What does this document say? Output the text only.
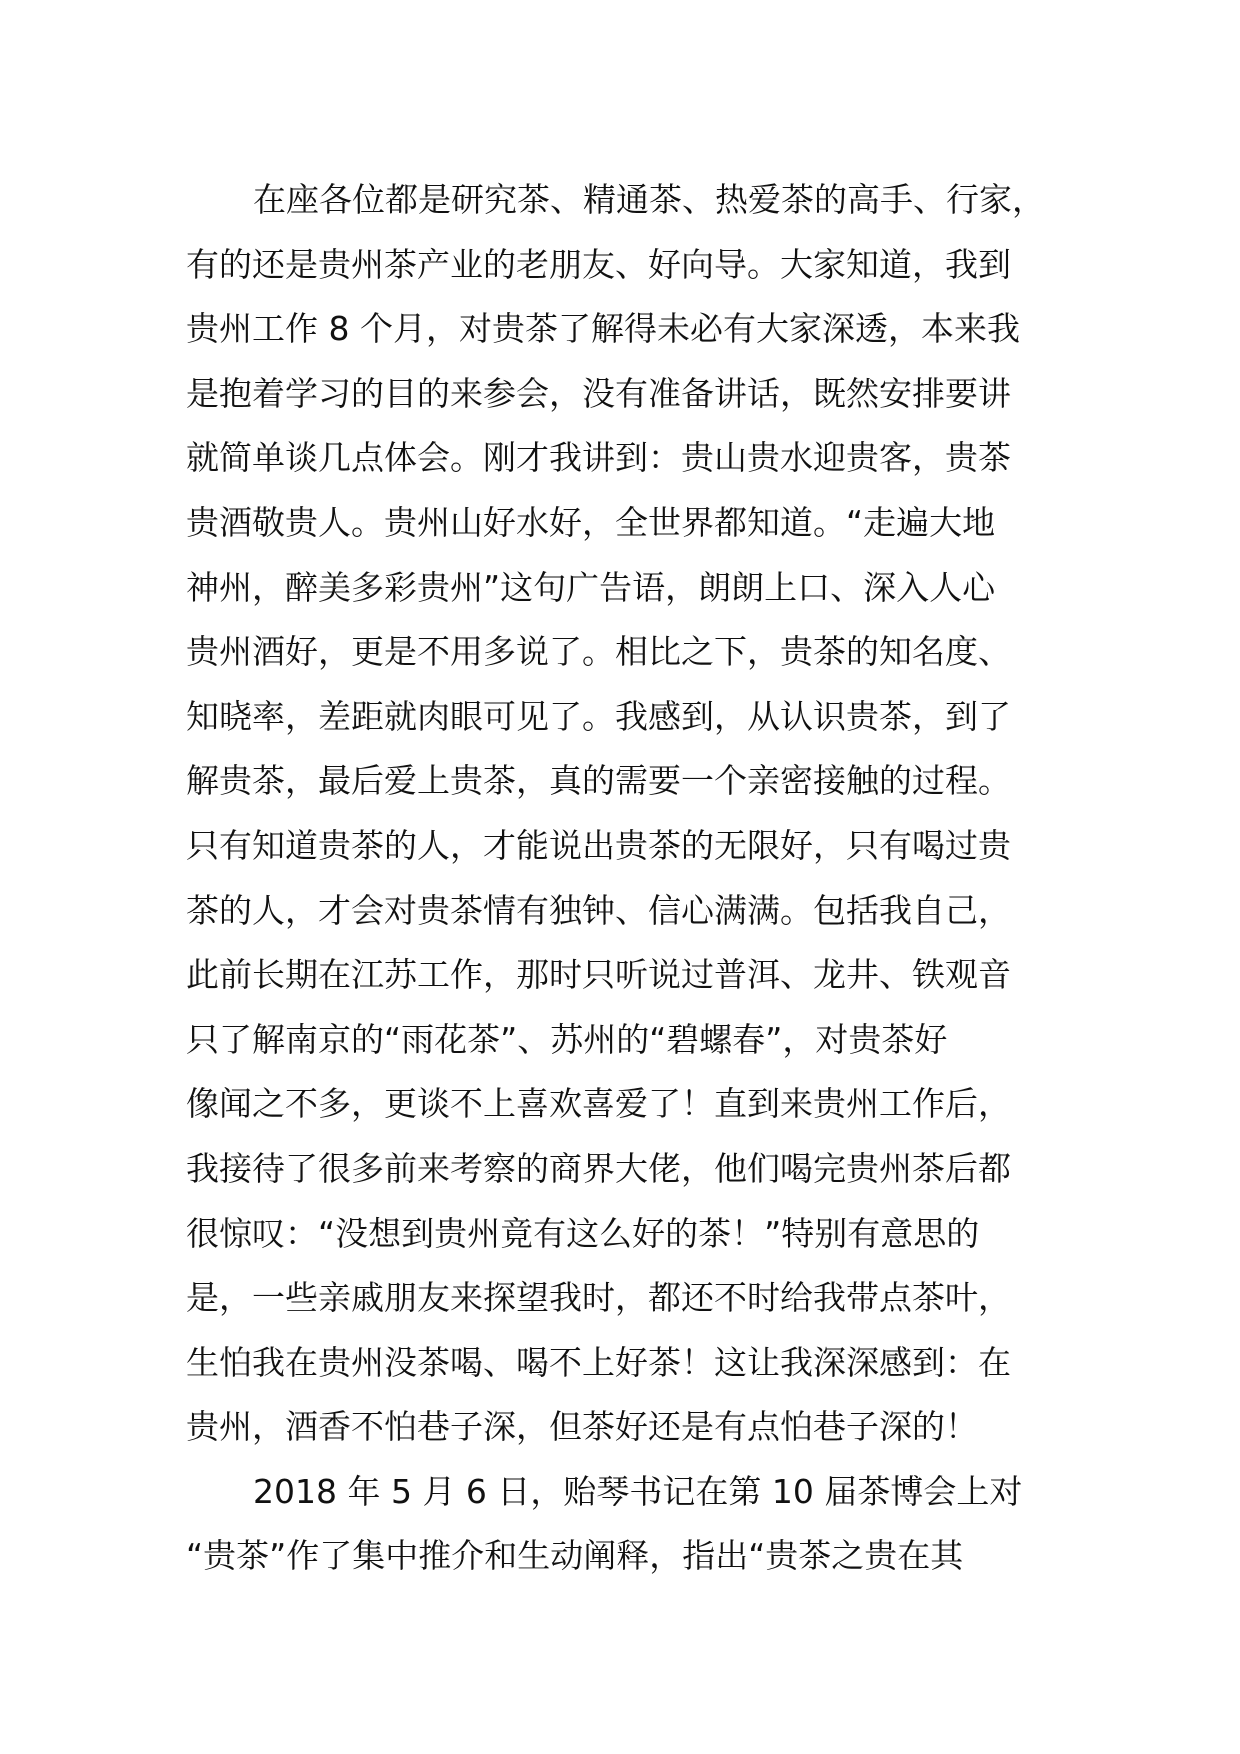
在座各位都是研究茶、精通茶、热爱茶的高手、行家，
有的还是贵州茶产业的老朋友、好向导。大家知道，我到
贵州工作 8 个月，对贵茶了解得未必有大家深透，本来我
是抱着学习的目的来参会，没有准备讲话，既然安排要讲
就简单谈几点体会。刚才我讲到：贵山贵水迎贵客，贵茶
贵酒敬贵人。贵州山好水好，全世界都知道。“走遍大地
神州，醉美多彩贵州”这句广告语，朗朗上口、深入人心
贵州酒好，更是不用多说了。相比之下，贵茶的知名度、
知晓率，差距就肉眼可见了。我感到，从认识贵茶，到了
解贵茶，最后爱上贵茶，真的需要一个亲密接触的过程。
只有知道贵茶的人，才能说出贵茶的无限好，只有喝过贵
茶的人，才会对贵茶情有独钟、信心满满。包括我自己，
此前长期在江苏工作，那时只听说过普洱、龙井、铁观音
只了解南京的“雨花茶”、苏州的“碧螺春”，对贵茶好
像闻之不多，更谈不上喜欢喜爱了！直到来贵州工作后，
我接待了很多前来考察的商界大佬，他们喝完贵州茶后都
很惊叹：“没想到贵州竟有这么好的茶！”特别有意思的
是，一些亲戚朋友来探望我时，都还不时给我带点茶叶，
生怕我在贵州没茶喝、喝不上好茶！这让我深深感到：在
贵州，酒香不怕巷子深，但茶好还是有点怕巷子深的！
2018 年 5 月 6 日，贻琴书记在第 10 届茶博会上对
“贵茶”作了集中推介和生动阐释，指出“贵茶之贵在其
